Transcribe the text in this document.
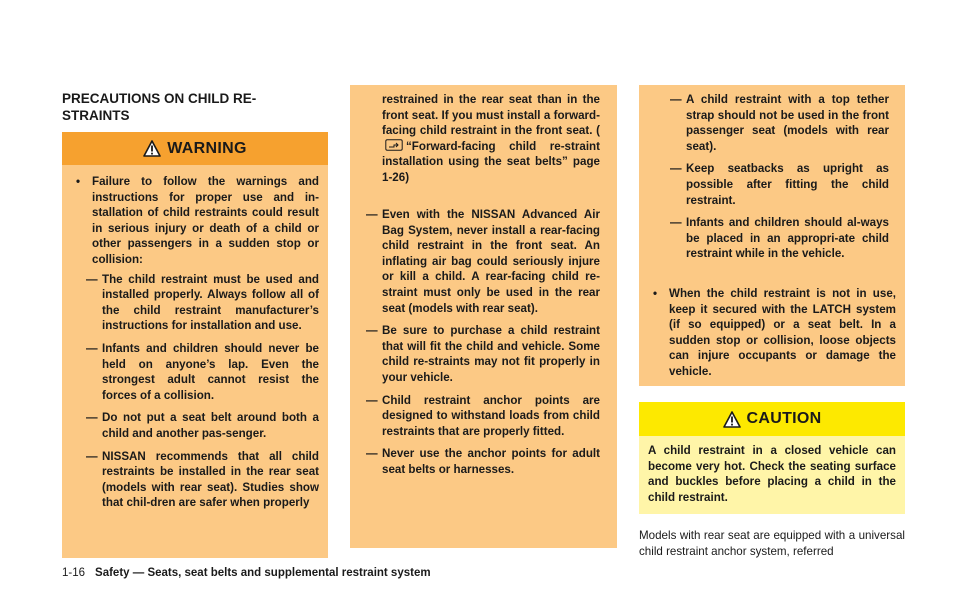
PRECAUTIONS ON CHILD RE-STRAINTS
WARNING
• Failure to follow the warnings and instructions for proper use and in-stallation of child restraints could result in serious injury or death of a child or other passengers in a sudden stop or collision:
— The child restraint must be used and installed properly. Always follow all of the child restraint manufacturer’s instructions for installation and use.
— Infants and children should never be held on anyone’s lap. Even the strongest adult cannot resist the forces of a collision.
— Do not put a seat belt around both a child and another pas-senger.
— NISSAN recommends that all child restraints be installed in the rear seat (models with rear seat). Studies show that chil-dren are safer when properly
restrained in the rear seat than in the front seat. If you must install a forward-facing child restraint in the front seat. (“Forward-facing child re-straint installation using the seat belts” page 1-26)
— Even with the NISSAN Advanced Air Bag System, never install a rear-facing child restraint in the front seat. An inflating air bag could seriously injure or kill a child. A rear-facing child re-straint must only be used in the rear seat (models with rear seat).
— Be sure to purchase a child restraint that will fit the child and vehicle. Some child re-straints may not fit properly in your vehicle.
— Child restraint anchor points are designed to withstand loads from child restraints that are properly fitted.
— Never use the anchor points for adult seat belts or harnesses.
— A child restraint with a top tether strap should not be used in the front passenger seat (models with rear seat).
— Keep seatbacks as upright as possible after fitting the child restraint.
— Infants and children should al-ways be placed in an appropri-ate child restraint while in the vehicle.
• When the child restraint is not in use, keep it secured with the LATCH system (if so equipped) or a seat belt. In a sudden stop or collision, loose objects can injure occupants or damage the vehicle.
CAUTION
A child restraint in a closed vehicle can become very hot. Check the seating surface and buckles before placing a child in the child restraint.
Models with rear seat are equipped with a universal child restraint anchor system, referred
1-16 Safety — Seats, seat belts and supplemental restraint system
